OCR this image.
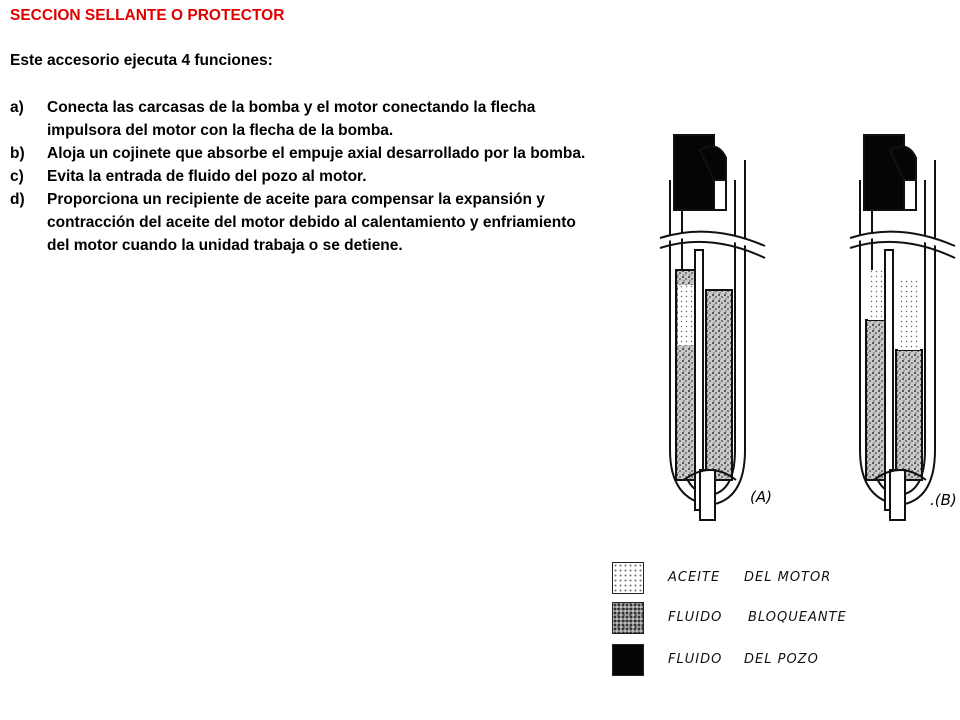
SECCION SELLANTE O PROTECTOR
Este accesorio ejecuta 4 funciones:
a)	Conecta las carcasas de la bomba y el motor conectando la flecha impulsora del motor con la flecha de la bomba.
b)	Aloja un cojinete que absorbe el empuje axial desarrollado por la bomba.
c)	Evita la entrada de fluido del pozo al motor.
d)	Proporciona un recipiente de aceite para compensar la expansión y contracción del aceite del motor debido al calentamiento y enfriamiento del motor cuando la unidad trabaja o se detiene.
(A)	.(B)
ACEITE DEL MOTOR
FLUIDO BLOQUEANTE
FLUIDO DEL POZO
